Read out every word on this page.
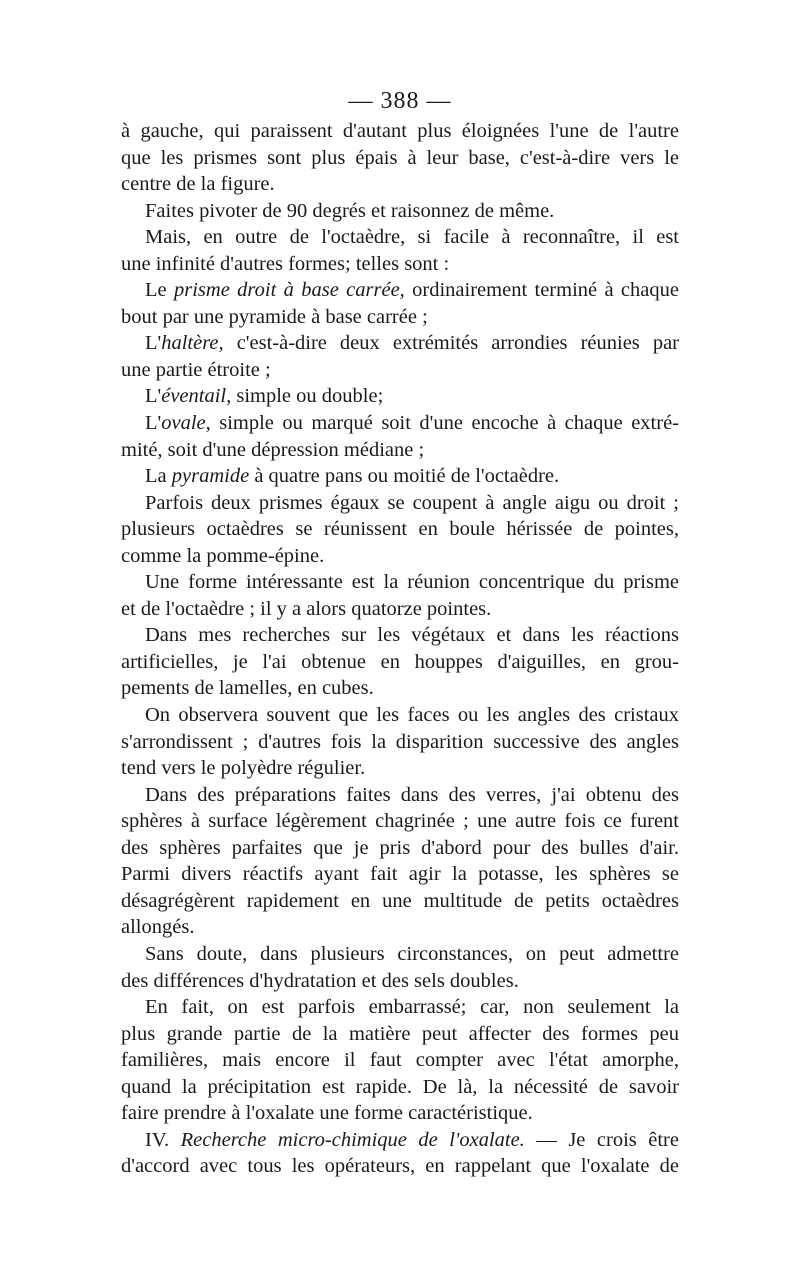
— 388 —
à gauche, qui paraissent d'autant plus éloignées l'une de l'autre
que les prismes sont plus épais à leur base, c'est-à-dire vers le
centre de la figure.
Faites pivoter de 90 degrés et raisonnez de même.
Mais, en outre de l'octaèdre, si facile à reconnaître, il est
une infinité d'autres formes; telles sont :
Le prisme droit à base carrée, ordinairement terminé à chaque
bout par une pyramide à base carrée ;
L'haltère, c'est-à-dire deux extrémités arrondies réunies par
une partie étroite ;
L'éventail, simple ou double;
L'ovale, simple ou marqué soit d'une encoche à chaque extré-
mité, soit d'une dépression médiane ;
La pyramide à quatre pans ou moitié de l'octaèdre.
Parfois deux prismes égaux se coupent à angle aigu ou droit ;
plusieurs octaèdres se réunissent en boule hérissée de pointes,
comme la pomme-épine.
Une forme intéressante est la réunion concentrique du prisme
et de l'octaèdre ; il y a alors quatorze pointes.
Dans mes recherches sur les végétaux et dans les réactions
artificielles, je l'ai obtenue en houppes d'aiguilles, en grou-
pements de lamelles, en cubes.
On observera souvent que les faces ou les angles des cristaux
s'arrondissent ; d'autres fois la disparition successive des angles
tend vers le polyèdre régulier.
Dans des préparations faites dans des verres, j'ai obtenu des
sphères à surface légèrement chagrinée ; une autre fois ce furent
des sphères parfaites que je pris d'abord pour des bulles d'air.
Parmi divers réactifs ayant fait agir la potasse, les sphères se
désagrégèrent rapidement en une multitude de petits octaèdres
allongés.
Sans doute, dans plusieurs circonstances, on peut admettre
des différences d'hydratation et des sels doubles.
En fait, on est parfois embarrassé; car, non seulement la
plus grande partie de la matière peut affecter des formes peu
familières, mais encore il faut compter avec l'état amorphe,
quand la précipitation est rapide. De là, la nécessité de savoir
faire prendre à l'oxalate une forme caractéristique.
IV. Recherche micro-chimique de l'oxalate. — Je crois être
d'accord avec tous les opérateurs, en rappelant que l'oxalate de
